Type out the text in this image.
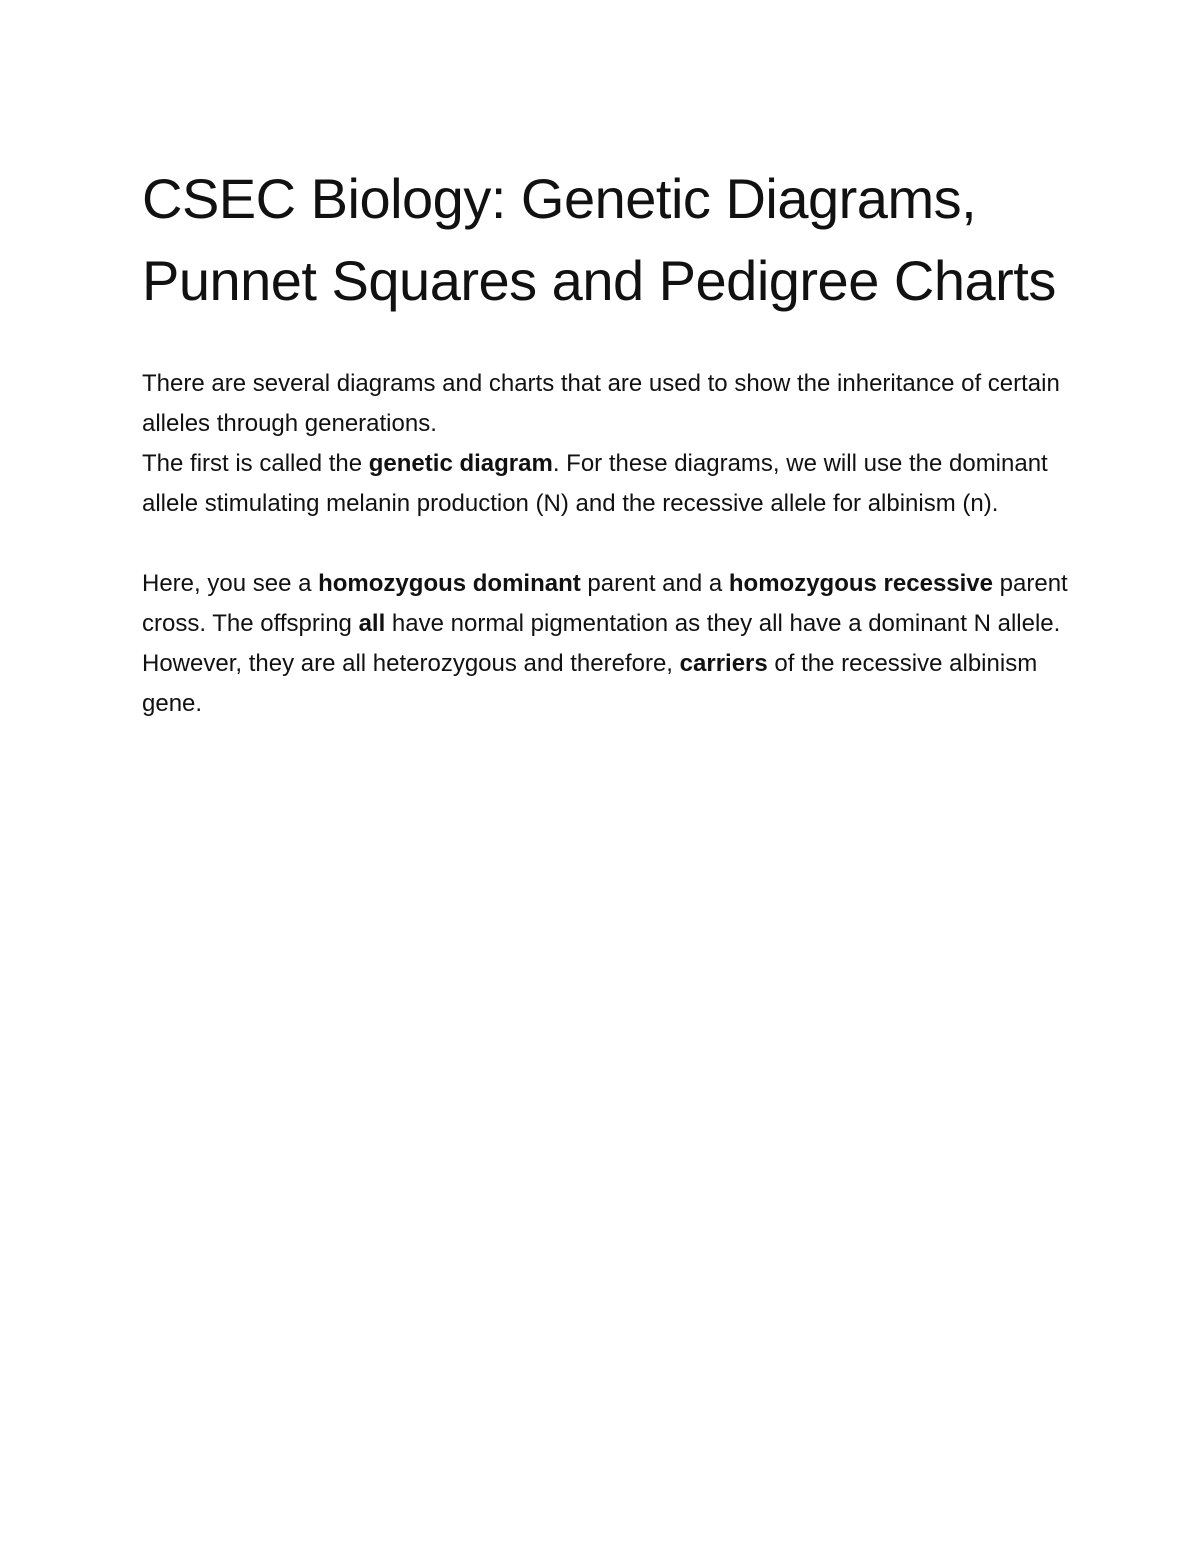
CSEC Biology: Genetic Diagrams, Punnet Squares and Pedigree Charts

There are several diagrams and charts that are used to show the inheritance of certain alleles through generations.

The first is called the genetic diagram. For these diagrams, we will use the dominant allele stimulating melanin production (N) and the recessive allele for albinism (n).

Here, you see a homozygous dominant parent and a homozygous recessive parent cross. The offspring all have normal pigmentation as they all have a dominant N allele. However, they are all heterozygous and therefore, carriers of the recessive albinism gene.
